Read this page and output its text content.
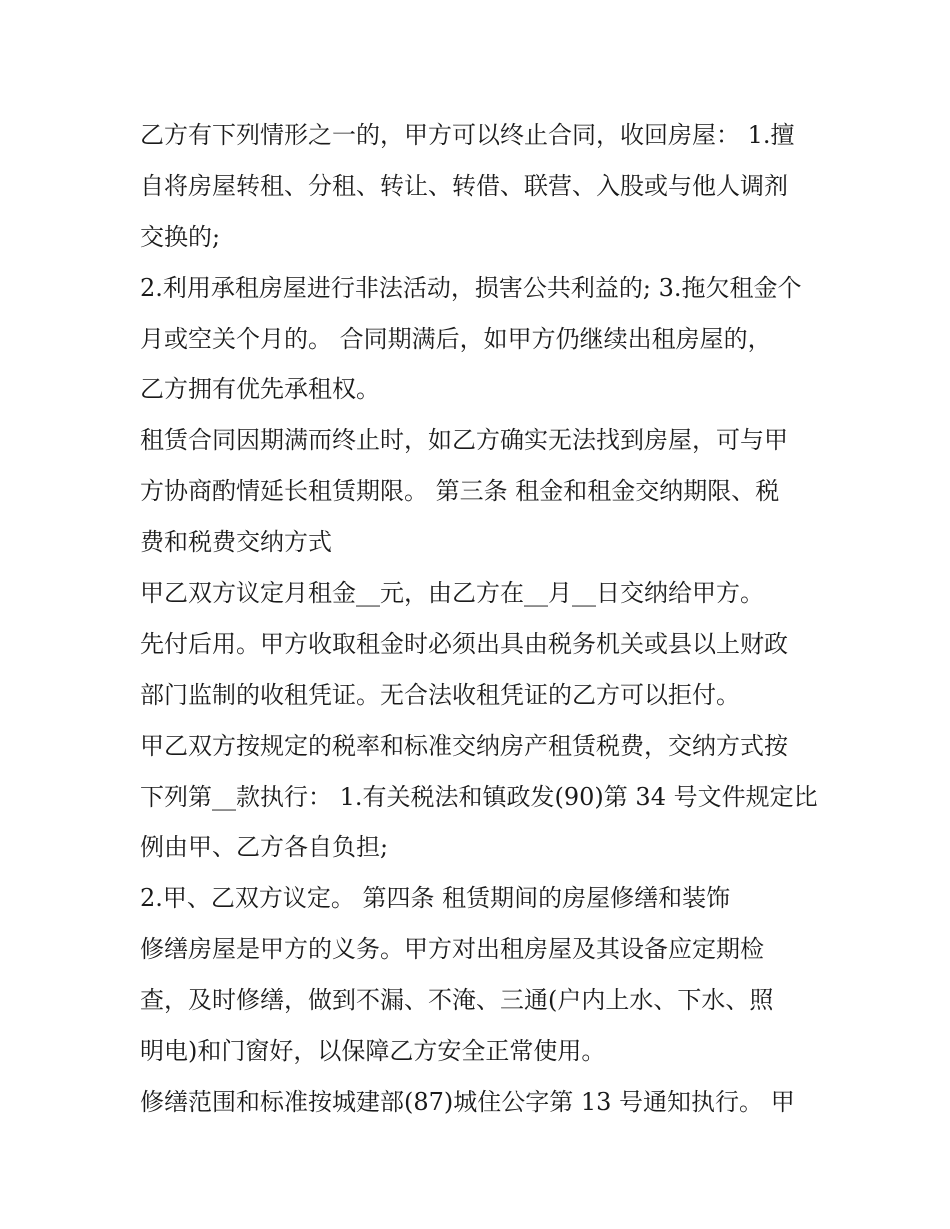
乙方有下列情形之一的，甲方可以终止合同，收回房屋： 1.擅
自将房屋转租、分租、转让、转借、联营、入股或与他人调剂
交换的;
2.利用承租房屋进行非法活动，损害公共利益的; 3.拖欠租金个
月或空关个月的。 合同期满后，如甲方仍继续出租房屋的，
乙方拥有优先承租权。
租赁合同因期满而终止时，如乙方确实无法找到房屋，可与甲
方协商酌情延长租赁期限。 第三条 租金和租金交纳期限、税
费和税费交纳方式
甲乙双方议定月租金__元，由乙方在__月__日交纳给甲方。
先付后用。甲方收取租金时必须出具由税务机关或县以上财政
部门监制的收租凭证。无合法收租凭证的乙方可以拒付。
甲乙双方按规定的税率和标准交纳房产租赁税费，交纳方式按
下列第__款执行： 1.有关税法和镇政发(90)第 34 号文件规定比
例由甲、乙方各自负担;
2.甲、乙双方议定。 第四条 租赁期间的房屋修缮和装饰
修缮房屋是甲方的义务。甲方对出租房屋及其设备应定期检
查，及时修缮，做到不漏、不淹、三通(户内上水、下水、照
明电)和门窗好，以保障乙方安全正常使用。
修缮范围和标准按城建部(87)城住公字第 13 号通知执行。 甲
